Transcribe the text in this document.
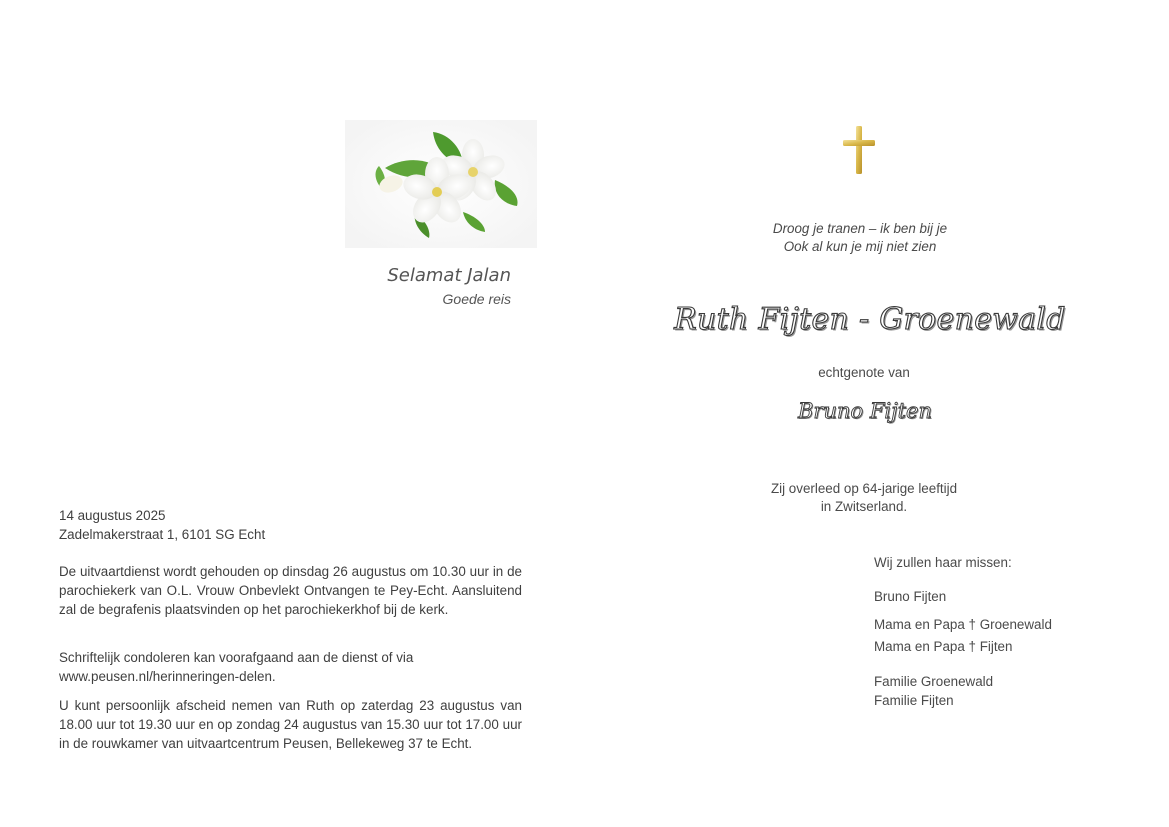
Selamat Jalan
Goede reis

14 augustus 2025

Zadelmakerstraat 1, 6101 SG Echt

De uitvaartdienst wordt gehouden op dinsdag 26 augustus om 10.30 uur in de parochiekerk van O.L. Vrouw Onbevlekt Ontvangen te Pey-Echt. Aansluitend zal de begrafenis plaatsvinden op het parochiekerkhof bij de kerk.

Schriftelijk condoleren kan voorafgaand aan de dienst of via

www.peusen.nl/herinneringen-delen.

U kunt persoonlijk afscheid nemen van Ruth op zaterdag 23 augustus van 18.00 uur tot 19.30 uur en op zondag 24 augustus van 15.30 uur tot 17.00 uur in de rouwkamer van uitvaartcentrum Peusen, Bellekeweg 37 te Echt.
Droog je tranen – ik ben bij je
Ook al kun je mij niet zien
Ruth Fijten - Groenewald
echtgenote van
Bruno Fijten
Zij overleed op 64-jarige leeftijd
in Zwitserland.
Wij zullen haar missen:
Bruno Fijten
Mama en Papa † Groenewald
Mama en Papa † Fijten
Familie Groenewald
Familie Fijten
